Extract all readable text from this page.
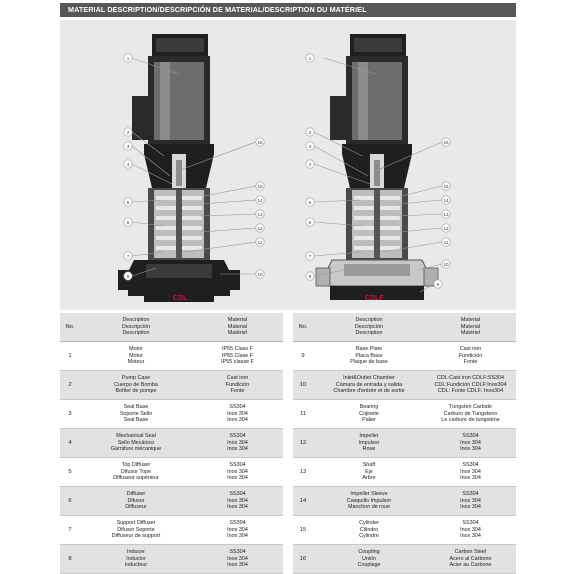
MATERIAL DESCRIPTION/DESCRIPCIÓN DE MATERIAL/DESCRIPTION DU MATÉRIEL
1
2
3
4
5
6
7
8
16
15
14
13
12
11
10
1
2
3
4
5
6
7
8
16
15
14
13
12
11
10
9
CDL	CDLF
No.	Description
Descripción
Description	Material
Material
Matériel

1	Motor
Motor
Moteur	IP55 Class F
IP55 Clase F
IP55 classe F

2	Pump Case
Cuerpo de Bomba
Boîtier de pompe	Cast iron
Fundición
Fonte

3	Seal Base
Soporte Sello
Seal Base	SS304
Inox 304
Inox 304

4	Mechanical Seal
Sello Mecánico
Garniture mécanique	SS304
Inox 304
Inox 304

5	Top Diffuser
Difusor Tope
Diffuseur supérieur	SS304
Inox 304
Inox 304

6	Diffuser
Difusor
Diffuseur	SS304
Inox 304
Inox 304

7	Support Diffuser
Difusor Soporte
Diffuseur de support	SS304
Inox 304
Inox 304

8	Inducer
Inductor
Inducteur	SS304
Inox 304
Inox 304
No.	Description
Descripción
Description	Material
Material
Matériel

9	Base Plate
Placa Base
Plaque de base	Cast iron
Fundición
Fonte

10	Inlet&Outlet Chamber
Cámara de entrada y salida
Chambre d'entrée et de sortie	CDL:Cast iron CDLF:SS304
CDL:Fundición CDLF:Inox304
CDL: Fonte CDLF: Inox304

11	Bearing
Cojinete
Palier	Tungsten Carbide
Carburo de Tungsteno
Le carbure de tungstène

12	Impeller
Impulsor
Roue	SS304
Inox 304
Inox 304

13	Shaft
Eje
Arbre	SS304
Inox 304
Inox 304

14	Impeller Sleeve
Casquillo Impulsor
Manchon de roue	SS304
Inox 304
Inox 304

15	Cylinder
Cilindro
Cylindre	SS304
Inox 304
Inox 304

16	Coupling
Unión
Couplage	Carbon Steel
Acero al Carbono
Acier au Carbone
